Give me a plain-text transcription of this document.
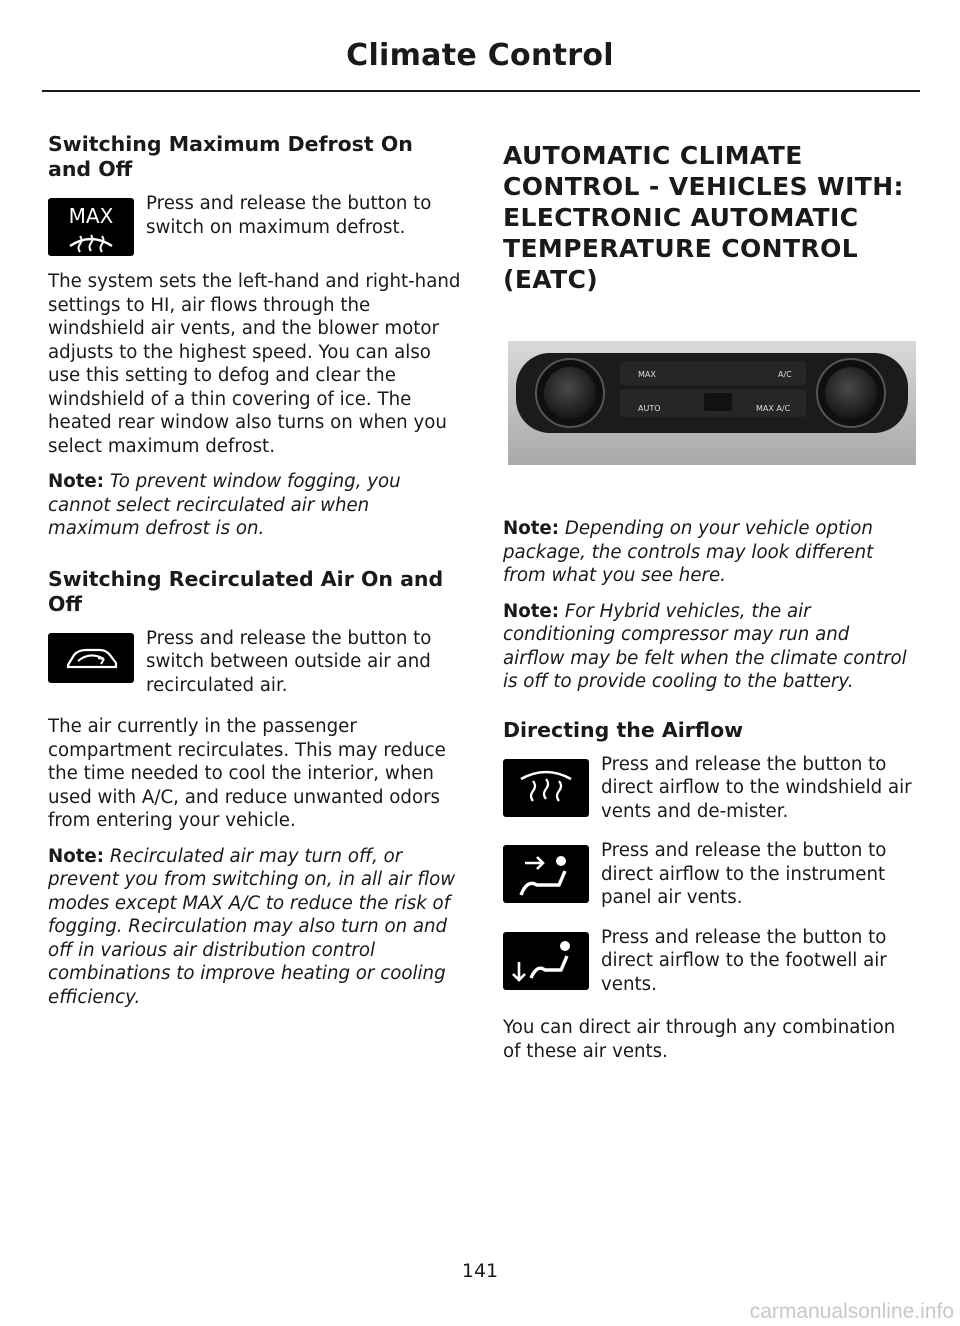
Climate Control
Switching Maximum Defrost On and Off
MAX

Press and release the button to switch on maximum defrost.

The system sets the left-hand and right-hand settings to HI, air flows through the windshield air vents, and the blower motor adjusts to the highest speed. You can also use this setting to defog and clear the windshield of a thin covering of ice. The heated rear window also turns on when you select maximum defrost.

Note: To prevent window fogging, you cannot select recirculated air when maximum defrost is on.

Switching Recirculated Air On and Off

Press and release the button to switch between outside air and recirculated air.

The air currently in the passenger compartment recirculates. This may reduce the time needed to cool the interior, when used with A/C, and reduce unwanted odors from entering your vehicle.

Note: Recirculated air may turn off, or prevent you from switching on, in all air flow modes except MAX A/C to reduce the risk of fogging. Recirculation may also turn on and off in various air distribution control combinations to improve heating or cooling efficiency.

AUTOMATIC CLIMATE CONTROL - VEHICLES WITH: ELECTRONIC AUTOMATIC TEMPERATURE CONTROL (EATC)
MAX	A/C
AUTO	MAX A/C

Note: Depending on your vehicle option package, the controls may look different from what you see here.

Note: For Hybrid vehicles, the air conditioning compressor may run and airflow may be felt when the climate control is off to provide cooling to the battery.

Directing the Airflow

Press and release the button to direct airflow to the windshield air vents and de-mister.

Press and release the button to direct airflow to the instrument panel air vents.

Press and release the button to direct airflow to the footwell air vents.

You can direct air through any combination of these air vents.

141
carmanualsonline.info
